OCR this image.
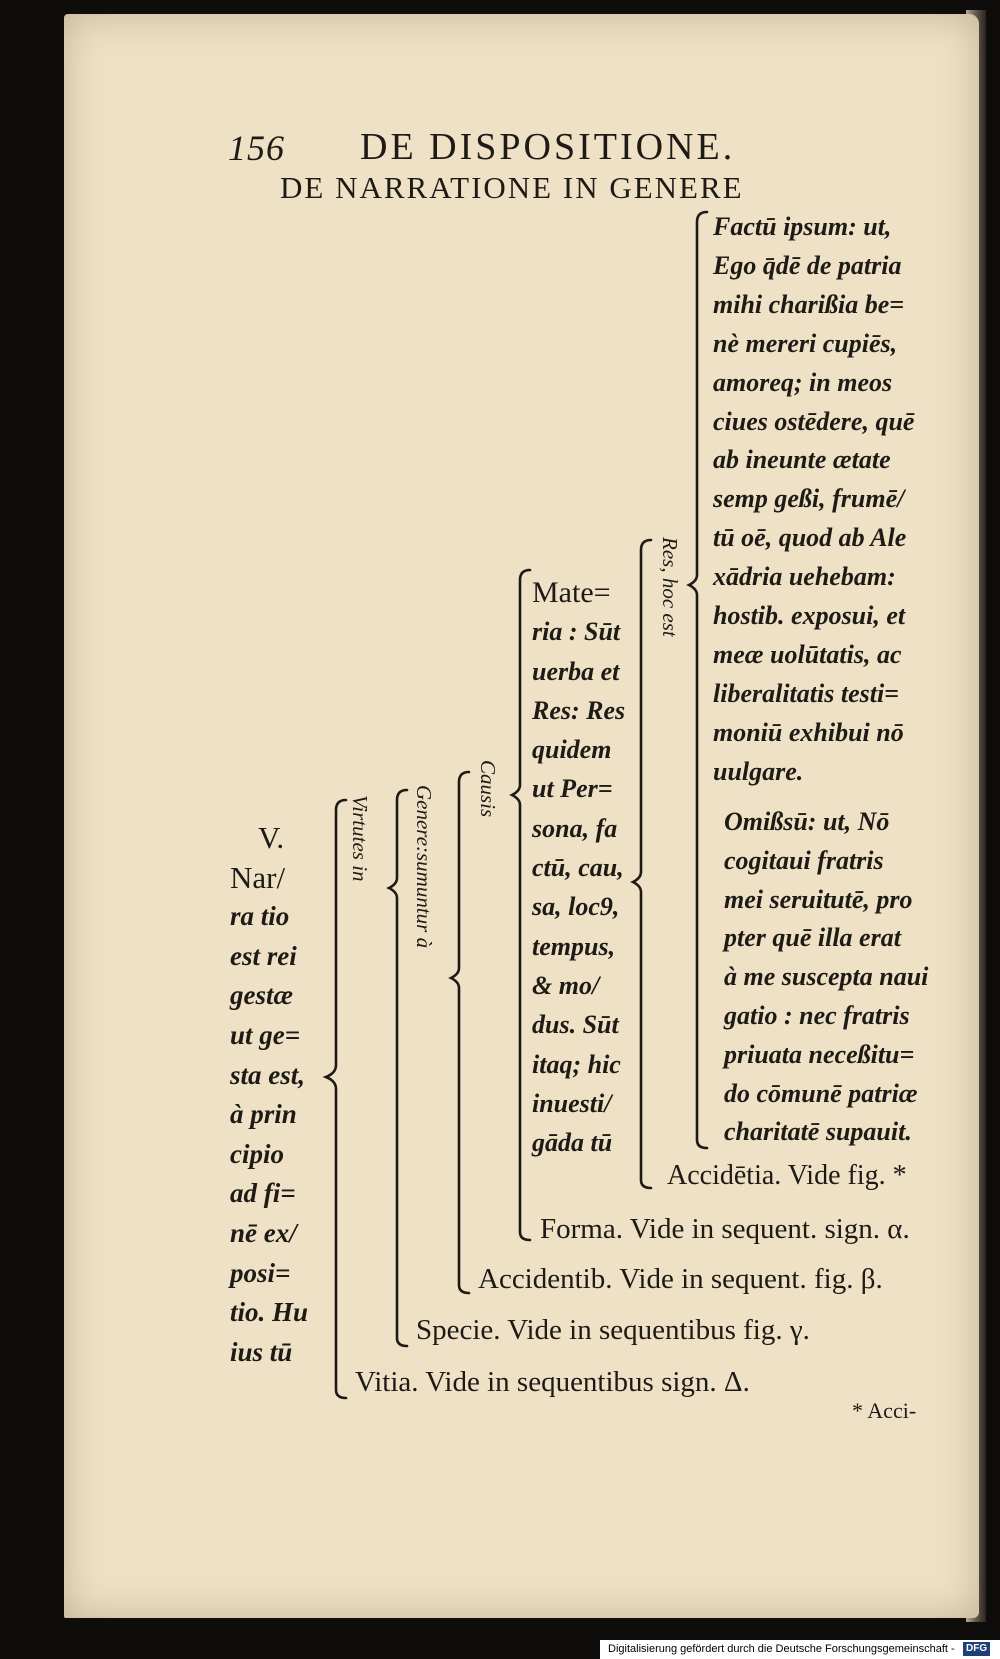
156 DE DISPOSITIONE.
DE NARRATIONE IN GENERE
V.
Nar/
ra tio
est rei
gestæ
ut ge=
sta est,
à prin
cipio
ad fi=
nē ex/
posi=
tio. Hu
ius tū
Virtutes in Genere:sumuntur à Causis
Res, hoc est
Mate=
ria : Sūt
uerba et
Res: Res
quidem
ut Per=
sona, fa
ctū, cau,
sa, loc9,
tempus,
& mo/
dus. Sūt
itaq; hic
inuesti/
gāda tū
Factū ipsum: ut,
Ego q̄dē de patria
mihi charißia be=
nè mereri cupiēs,
amoreq; in meos
ciues ostēdere, quē
ab ineunte ætate
semp geßi, frumē/
tū oē, quod ab Ale
xādria uehebam:
hostib. exposui, et
meæ uolūtatis, ac
liberalitatis testi=
moniū exhibui nō
uulgare.
Omißsū: ut, Nō
cogitaui fratris
mei seruitutē, pro
pter quē illa erat
à me suscepta naui
gatio : nec fratris
priuata neceßitu=
do cōmunē patriæ
charitatē supauit.
Accidētia. Vide fig. *
Forma. Vide in sequent. sign. α.
Accidentib. Vide in sequent. fig. β.
Specie. Vide in sequentibus fig. γ.
Vitia. Vide in sequentibus sign. Δ.
* Acci-
Digitalisierung gefördert durch die Deutsche Forschungsgemeinschaft -	DFG
